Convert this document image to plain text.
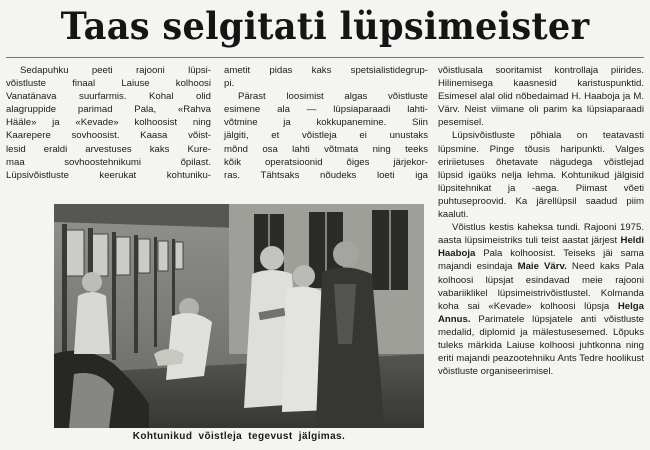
Taas selgitati lüpsimeister
Sedapuhku peeti rajooni lüpsi-
võistluste finaal Laiuse kolhoosi
Vanatänava suurfarmis. Kohal olid
alagruppide parimad Pala, «Rahva
Hääle» ja «Kevade» kolhoosist ning
Kaarepere sovhoosist. Kaasa võist-
lesid eraldi arvestuses kaks Kure-
maa sovhoostehnikumi õpilast.
Lüpsivõistluste keerukat kohtuniku-
ametit pidas kaks spetsialistidegrup-
pi.
Pärast loosimist algas võistluste
esimene ala — lüpsiaparaadi lahti-
võtmine ja kokkupanemine. Siin
jälgiti, et võistleja ei unustaks
mõnd osa lahti võtmata ning teeks
kõik operatsioonid õiges järjekor-
ras. Tähtsaks nõudeks loeti iga

võistlusala sooritamist kontrollaja piirides. Hilinemisega kaasnesid karistuspunktid. Esimesel alal olid nõbedaimad H. Haaboja ja M. Värv. Neist viimane oli parim ka lüpsiaparaadi pesemisel.

Lüpsivõistluste põhiala on teatavasti lüpsmine. Pinge tõusis haripunkti. Valges eririietuses õhetavate nägudega võistlejad lüpsid igaüks nelja lehma. Kohtunikud jälgisid lüpsitehnikat ja -aega. Piimast võeti puhtuseproovid. Ka järellüpsil saadud piim kaaluti.

Võistlus kestis kaheksa tundi. Rajooni 1975. aasta lüpsimeistriks tuli teist aastat järjest Heldi Haaboja Pala kolhoosist. Teiseks jäi sama majandi esindaja Maie Värv. Need kaks Pala kolhoosi lüpsjat esindavad meie rajooni vabariiklikel lüpsimeistrivõistlustel. Kolmanda koha sai «Kevade» kolhoosi lüpsja Helga Annus. Parimatele lüpsjatele anti võistluste medalid, diplomid ja mälestusesemed. Lõpuks tuleks märkida Laiuse kolhoosi juhtkonna ning eriti majandi peazootehniku Ants Tedre hoolikust võistluste organiseerimisel.

Kohtunikud võistleja tegevust jälgimas.
